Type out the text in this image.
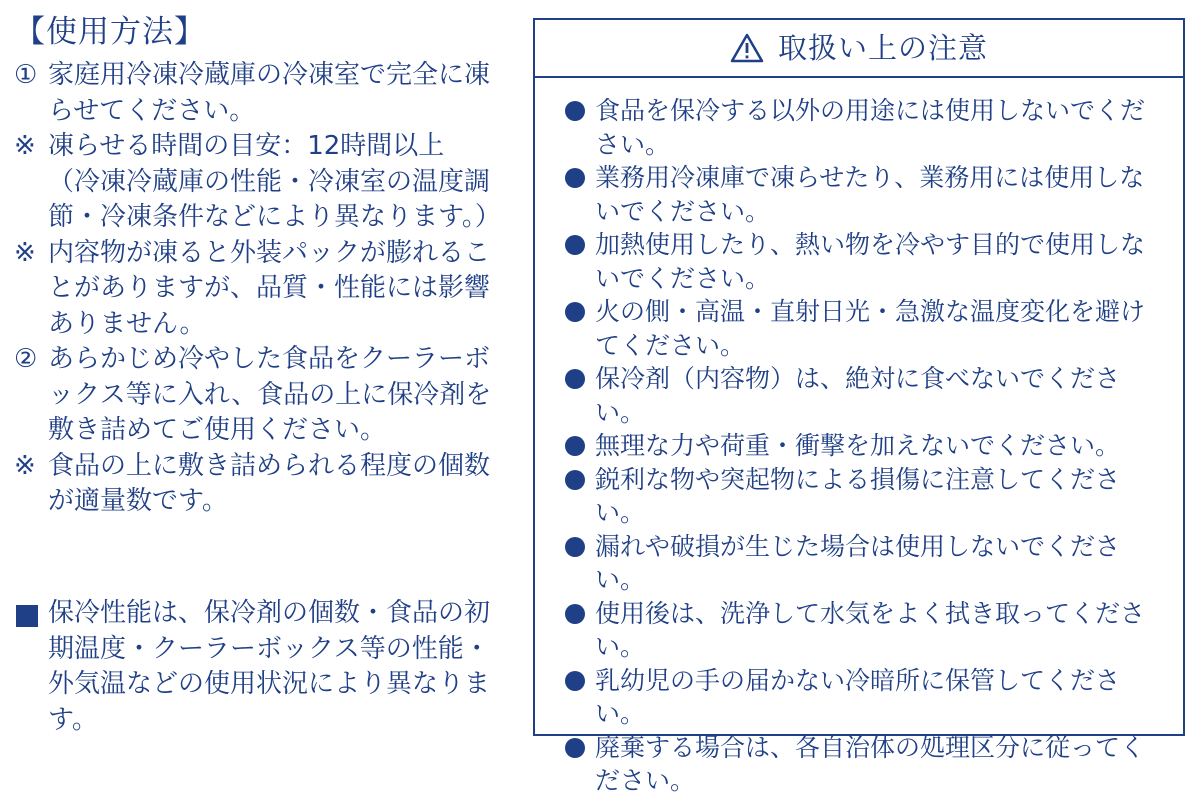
【使用方法】
① 家庭用冷凍冷蔵庫の冷凍室で完全に凍らせてください。
※ 凍らせる時間の目安：12時間以上（冷凍冷蔵庫の性能・冷凍室の温度調節・冷凍条件などにより異なります。）
※ 内容物が凍ると外装パックが膨れることがありますが、品質・性能には影響ありません。
② あらかじめ冷やした食品をクーラーボックス等に入れ、食品の上に保冷剤を敷き詰めてご使用ください。
※ 食品の上に敷き詰められる程度の個数が適量数です。
保冷性能は、保冷剤の個数・食品の初期温度・クーラーボックス等の性能・外気温などの使用状況により異なります。
取扱い上の注意
食品を保冷する以外の用途には使用しないでください。
業務用冷凍庫で凍らせたり、業務用には使用しないでください。
加熱使用したり、熱い物を冷やす目的で使用しないでください。
火の側・高温・直射日光・急激な温度変化を避けてください。
保冷剤（内容物）は、絶対に食べないでください。
無理な力や荷重・衝撃を加えないでください。
鋭利な物や突起物による損傷に注意してください。
漏れや破損が生じた場合は使用しないでください。
使用後は、洗浄して水気をよく拭き取ってください。
乳幼児の手の届かない冷暗所に保管してください。
廃棄する場合は、各自治体の処理区分に従ってください。
